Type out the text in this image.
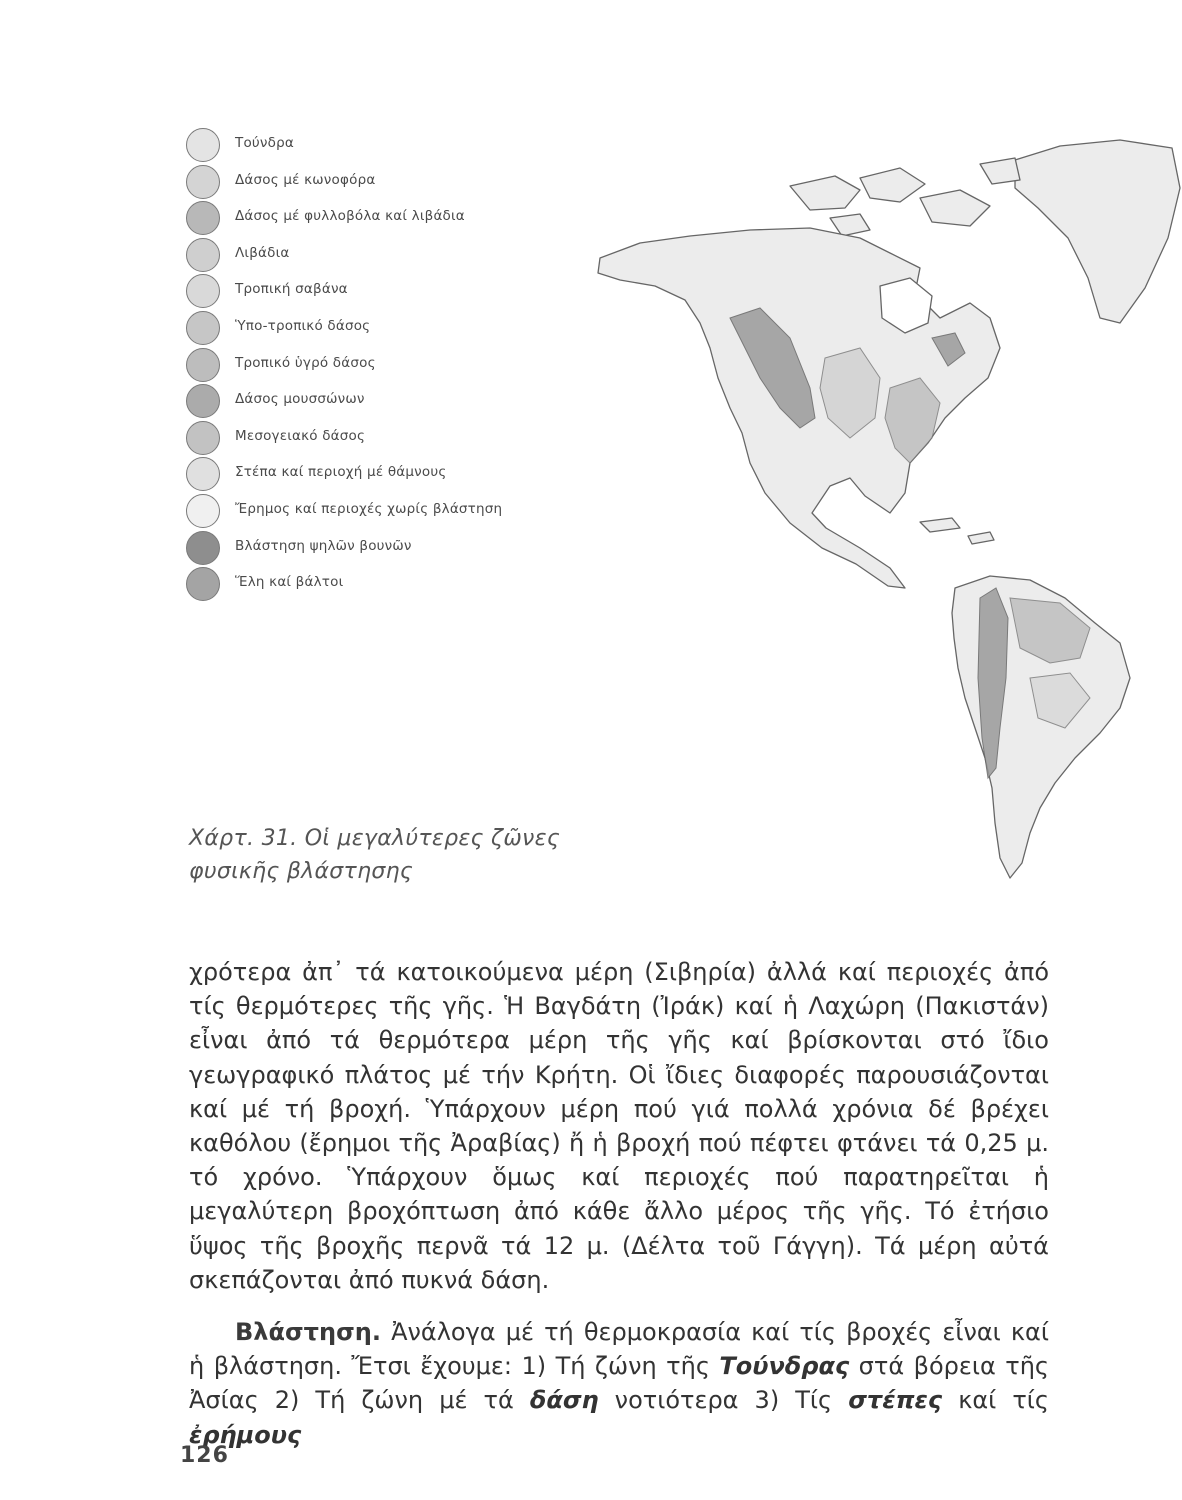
Τούνδρα
Δάσος μέ κωνοφόρα
Δάσος μέ φυλλοβόλα καί λιβάδια
Λιβάδια
Τροπική σαβάνα
Ὑπο-τροπικό δάσος
Τροπικό ὑγρό δάσος
Δάσος μουσσώνων
Μεσογειακό δάσος
Στέπα καί περιοχή μέ θάμνους
Ἔρημος καί περιοχές χωρίς βλάστηση
Βλάστηση ψηλῶν βουνῶν
Ἕλη καί βάλτοι
Χάρτ. 31. Οἱ μεγαλύτερες ζῶνες
φυσικῆς βλάστησης

χρότερα ἀπ᾽ τά κατοικούμενα μέρη (Σιβηρία) ἀλλά καί περιοχές ἀπό τίς θερμότερες τῆς γῆς. Ἡ Βαγδάτη (Ἰράκ) καί ἡ Λαχώρη (Πακιστάν) εἶναι ἀπό τά θερμότερα μέρη τῆς γῆς καί βρίσκονται στό ἴδιο γεωγραφικό πλάτος μέ τήν Κρήτη. Οἱ ἴδιες διαφορές παρουσιάζονται καί μέ τή βροχή. Ὑπάρχουν μέρη πού γιά πολλά χρόνια δέ βρέχει καθόλου (ἔρημοι τῆς Ἀραβίας) ἤ ἡ βροχή πού πέφτει φτάνει τά 0,25 μ. τό χρόνο. Ὑπάρχουν ὅμως καί περιοχές πού παρατηρεῖται ἡ μεγαλύτερη βροχόπτωση ἀπό κάθε ἄλλο μέρος τῆς γῆς. Τό ἐτήσιο ὕψος τῆς βροχῆς περνᾶ τά 12 μ. (Δέλτα τοῦ Γάγγη). Τά μέρη αὐτά σκεπάζονται ἀπό πυκνά δάση.

Βλάστηση. Ἀνάλογα μέ τή θερμοκρασία καί τίς βροχές εἶναι καί ἡ βλάστηση. Ἔτσι ἔχουμε: 1) Τή ζώνη τῆς Τούνδρας στά βόρεια τῆς Ἀσίας 2) Τή ζώνη μέ τά δάση νοτιότερα 3) Τίς στέπες καί τίς ἐρήμους

126
